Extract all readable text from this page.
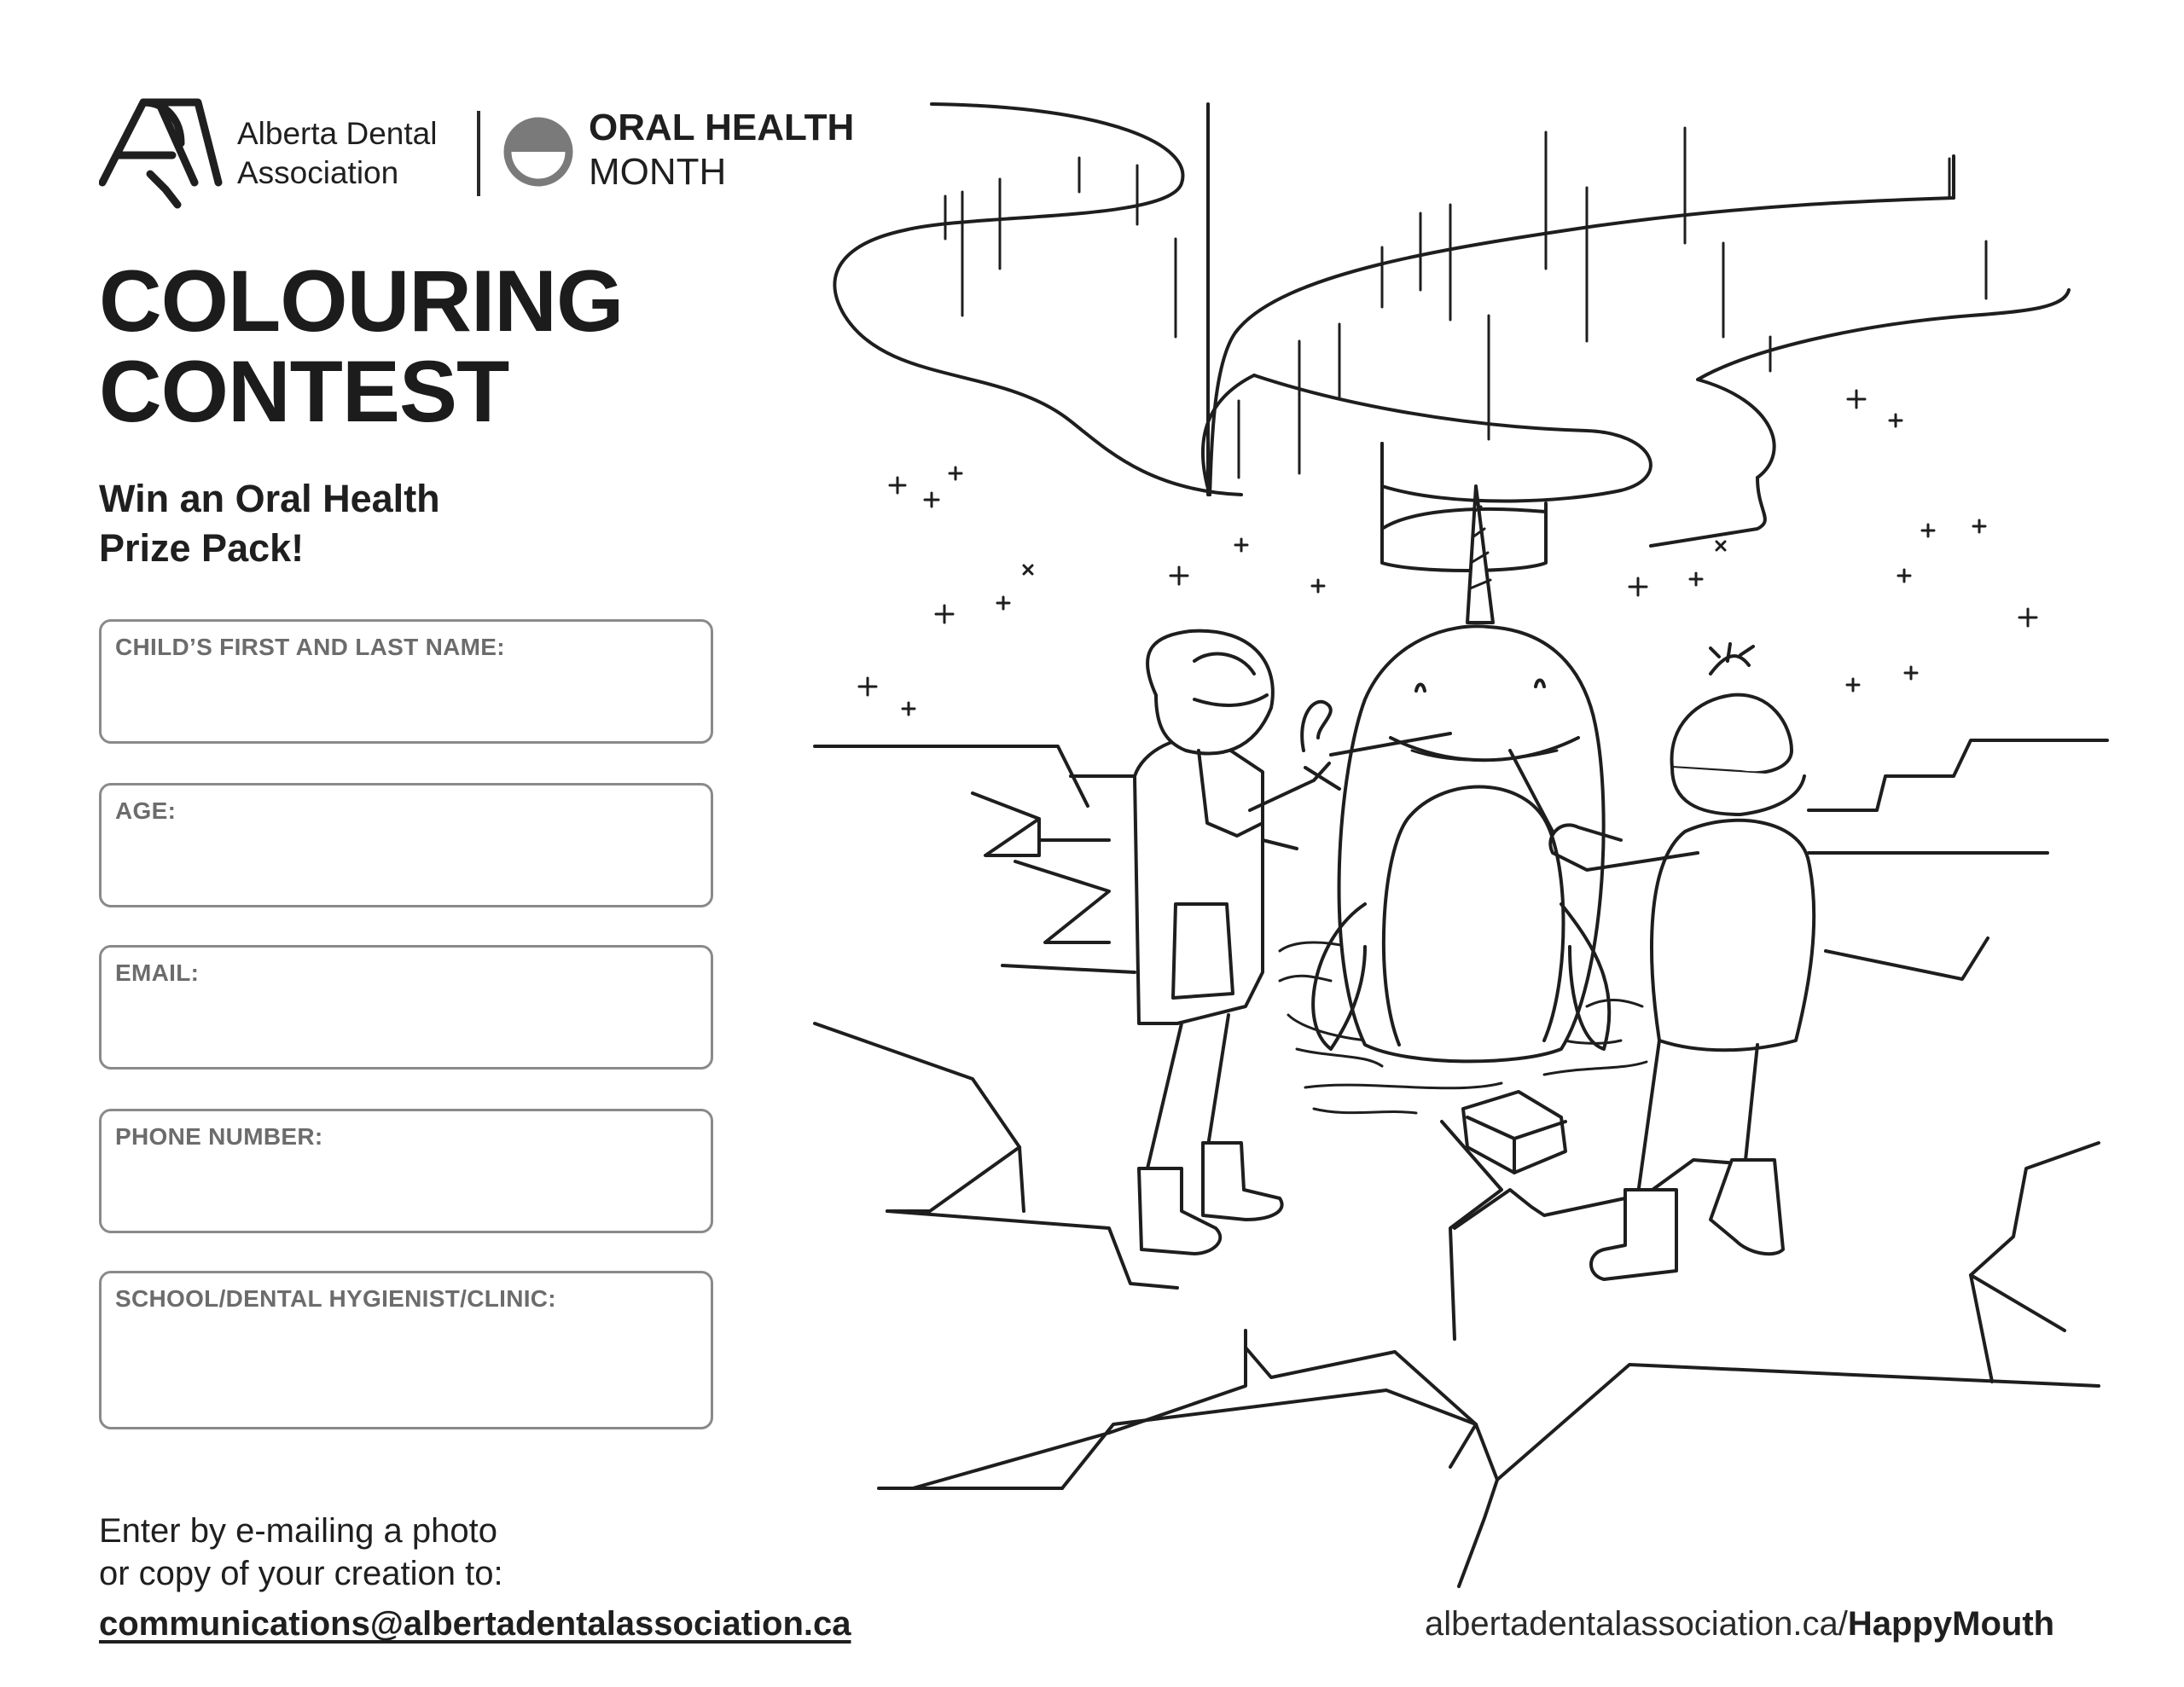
Alberta Dental
Association
ORAL HEALTH
MONTH
COLOURING
CONTEST
Win an Oral Health
Prize Pack!
CHILD’S FIRST AND LAST NAME:
AGE:
EMAIL:
PHONE NUMBER:
SCHOOL/DENTAL HYGIENIST/CLINIC:
Enter by e-mailing a photo
or copy of your creation to:
communications@albertadentalassociation.ca	albertadentalassociation.ca/HappyMouth
